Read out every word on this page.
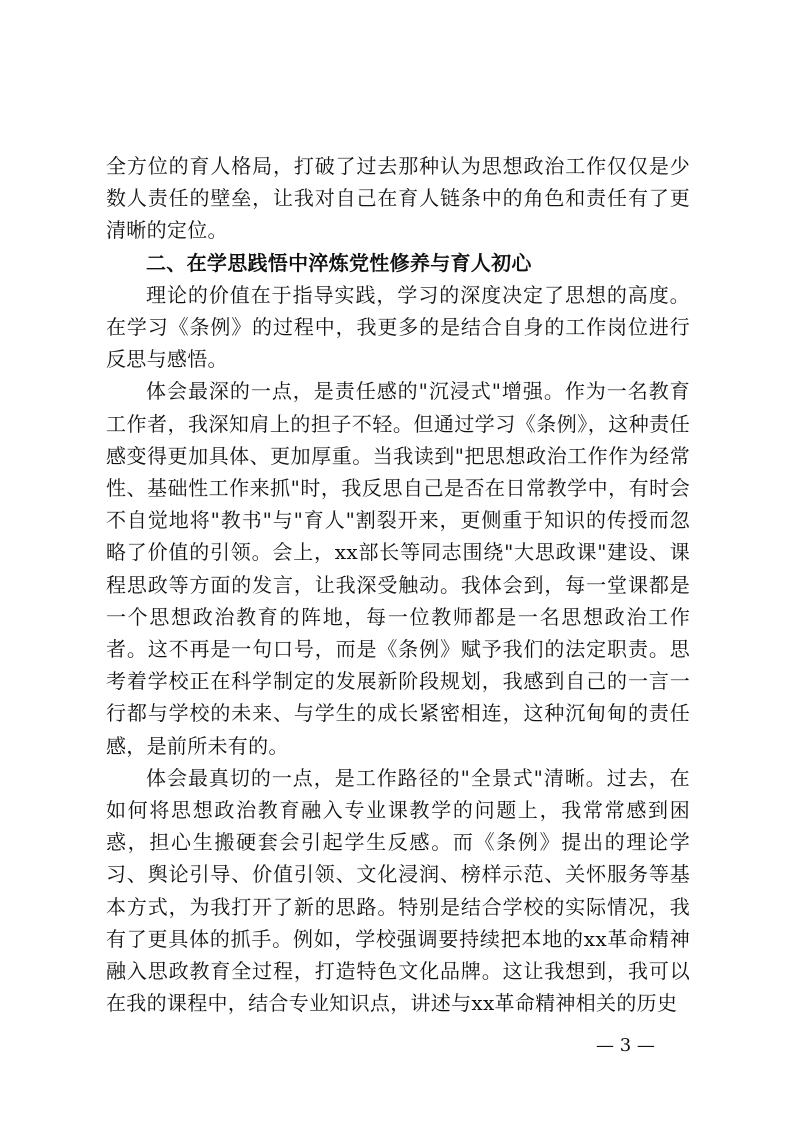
全方位的育人格局，打破了过去那种认为思想政治工作仅仅是少数人责任的壁垒，让我对自己在育人链条中的角色和责任有了更清晰的定位。

二、在学思践悟中淬炼党性修养与育人初心

理论的价值在于指导实践，学习的深度决定了思想的高度。在学习《条例》的过程中，我更多的是结合自身的工作岗位进行反思与感悟。

体会最深的一点，是责任感的"沉浸式"增强。作为一名教育工作者，我深知肩上的担子不轻。但通过学习《条例》，这种责任感变得更加具体、更加厚重。当我读到"把思想政治工作作为经常性、基础性工作来抓"时，我反思自己是否在日常教学中，有时会不自觉地将"教书"与"育人"割裂开来，更侧重于知识的传授而忽略了价值的引领。会上，xx部长等同志围绕"大思政课"建设、课程思政等方面的发言，让我深受触动。我体会到，每一堂课都是一个思想政治教育的阵地，每一位教师都是一名思想政治工作者。这不再是一句口号，而是《条例》赋予我们的法定职责。思考着学校正在科学制定的发展新阶段规划，我感到自己的一言一行都与学校的未来、与学生的成长紧密相连，这种沉甸甸的责任感，是前所未有的。

体会最真切的一点，是工作路径的"全景式"清晰。过去，在如何将思想政治教育融入专业课教学的问题上，我常常感到困惑，担心生搬硬套会引起学生反感。而《条例》提出的理论学习、舆论引导、价值引领、文化浸润、榜样示范、关怀服务等基本方式，为我打开了新的思路。特别是结合学校的实际情况，我有了更具体的抓手。例如，学校强调要持续把本地的xx革命精神融入思政教育全过程，打造特色文化品牌。这让我想到，我可以在我的课程中，结合专业知识点，讲述与xx革命精神相关的历史

— 3 —
